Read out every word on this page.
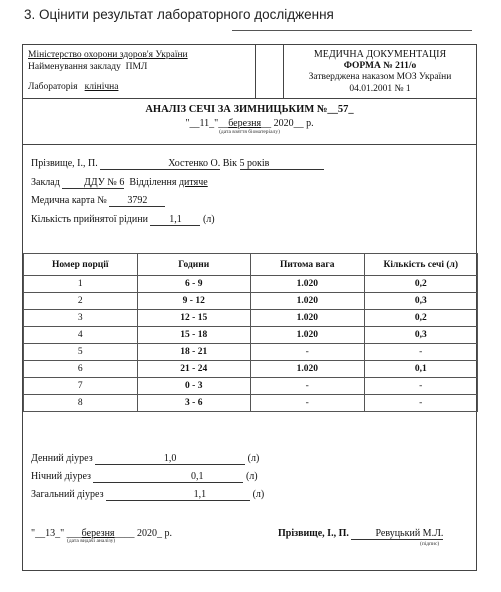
3. Оцінити результат лабораторного дослідження
Міністерство охорони здоров'я України
Найменування закладу ПМЛ
Лабораторія клінічна
МЕДИЧНА ДОКУМЕНТАЦІЯ
ФОРМА № 211/о
Затверджена наказом МОЗ України
04.01.2001 № 1
АНАЛІЗ СЕЧІ ЗА ЗИМНИЦЬКИМ №__57_
"__11_"__березня__ 2020__ р.
(дата взяття біоматеріалу)
Прізвище, І., П.	Хостенко О. Вік 5 років
Заклад ДДУ № 6 Відділення дитяче
Медична карта № 3792
Кількість прийнятої рідини 1,1 (л)
Номер порції	Години	Питома вага	Кількість сечі (л)
1	6 - 9	1.020	0,2
2	9 - 12	1.020	0,3
3	12 - 15	1.020	0,2
4	15 - 18	1.020	0,3
5	18 - 21	-	-
6	21 - 24	1.020	0,1
7	0 - 3	-	-
8	3 - 6	-	-
Денний діурез	1,0	(л)
Нічний діурез	0,1	(л)
Загальний діурез	1,1	(л)
"__13_" ___березня____ 2020_ р.
(дата видачі аналізу)
Прізвище, І., П.	Ревуцький М.Л.
(підпис)
